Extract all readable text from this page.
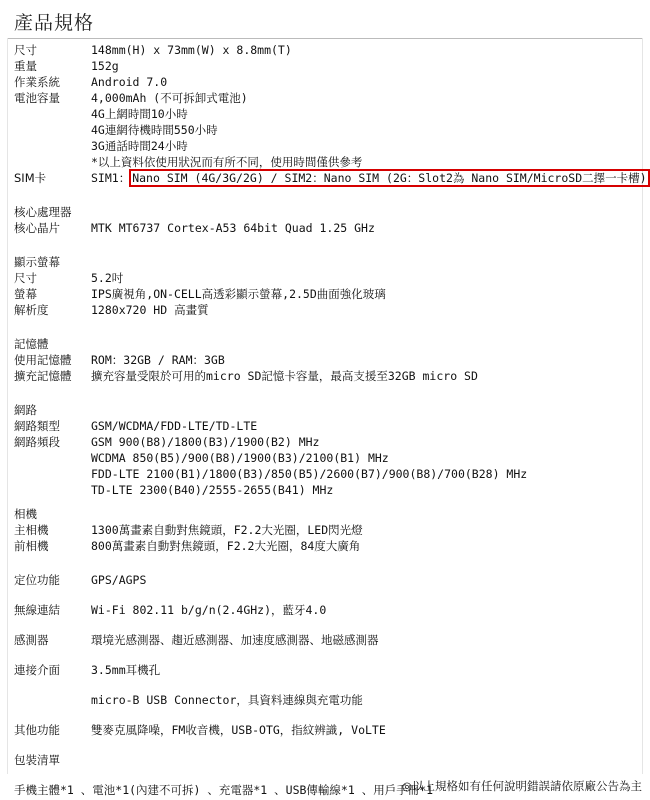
產品規格
尺寸	148mm(H) x 73mm(W) x 8.8mm(T)
重量	152g
作業系統	Android 7.0
電池容量	4,000mAh (不可拆卸式電池)
4G上網時間10小時
4G連網待機時間550小時
3G通話時間24小時
*以上資料依使用狀況而有所不同，使用時間僅供參考
SIM卡	SIM1： Nano SIM (4G/3G/2G) / SIM2：Nano SIM (2G：Slot2為 Nano SIM/MicroSD二擇一卡槽)
核心處理器
核心晶片	MTK MT6737 Cortex-A53 64bit Quad 1.25 GHz
顯示螢幕
尺寸	5.2吋
螢幕	IPS廣視角,ON-CELL高透彩顯示螢幕,2.5D曲面強化玻璃
解析度	1280x720 HD 高畫質
記憶體
使用記憶體	ROM：32GB / RAM：3GB
擴充記憶體	擴充容量受限於可用的micro SD記憶卡容量，最高支援至32GB micro SD
網路
網路類型	GSM/WCDMA/FDD-LTE/TD-LTE
網路頻段	GSM 900(B8)/1800(B3)/1900(B2) MHz
WCDMA 850(B5)/900(B8)/1900(B3)/2100(B1) MHz
FDD-LTE 2100(B1)/1800(B3)/850(B5)/2600(B7)/900(B8)/700(B28) MHz
TD-LTE 2300(B40)/2555-2655(B41) MHz
相機
主相機	1300萬畫素自動對焦鏡頭，F2.2大光圈，LED閃光燈
前相機	800萬畫素自動對焦鏡頭，F2.2大光圈，84度大廣角
定位功能	GPS/AGPS
無線連結	Wi-Fi 802.11 b/g/n(2.4GHz)，藍牙4.0
感測器	環境光感測器、趨近感測器、加速度感測器、地磁感測器
連接介面	3.5mm耳機孔
micro-B USB Connector，具資料連線與充電功能
其他功能	雙麥克風降噪，FM收音機，USB-OTG，指紋辨識, VoLTE
包裝清單
手機主體*1 、電池*1(內建不可拆) 、充電器*1 、USB傳輸線*1 、用戶手冊*1
◎以上規格如有任何說明錯誤請依原廠公告為主
